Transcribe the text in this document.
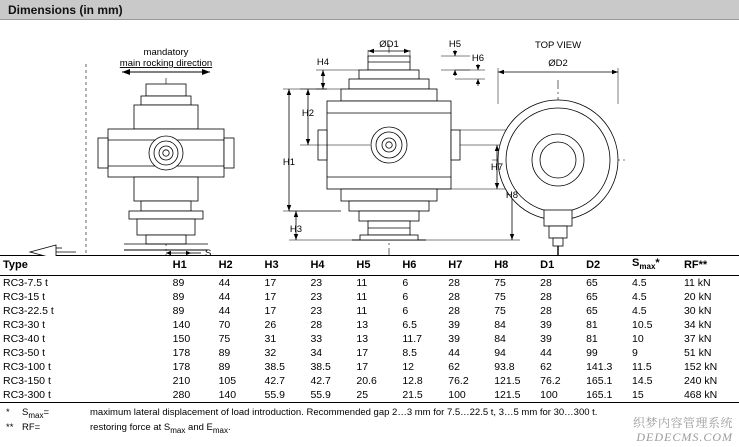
Dimensions (in mm)
mandatory
main rocking direction
S
ØD1	H5
H6
H4
H2
H1
H3
H7
H8
TOP VIEW
ØD2
Type	H1	H2	H3	H4	H5	H6	H7	H8	D1	D2	$S_{max}*$	RF**
RC3-7.5 t	89	44	17	23	11	6	28	75	28	65	4.5	11 kN
RC3-15 t	89	44	17	23	11	6	28	75	28	65	4.5	20 kN
RC3-22.5 t	89	44	17	23	11	6	28	75	28	65	4.5	30 kN
RC3-30 t	140	70	26	28	13	6.5	39	84	39	81	10.5	34 kN
RC3-40 t	150	75	31	33	13	11.7	39	84	39	81	10	37 kN
RC3-50 t	178	89	32	34	17	8.5	44	94	44	99	9	51 kN
RC3-100 t	178	89	38.5	38.5	17	12	62	93.8	62	141.3	11.5	152 kN
RC3-150 t	210	105	42.7	42.7	20.6	12.8	76.2	121.5	76.2	165.1	14.5	240 kN
RC3-300 t	280	140	55.9	55.9	25	21.5	100	121.5	100	165.1	15	468 kN
*	$S_{max}=$	maximum lateral displacement of load introduction. Recommended gap 2…3 mm for 7.5…22.5 t, 3…5 mm for 30…300 t.
** RF=	restoring force at $S_{max}$ and $E_{max}$.	织梦内容管理系统
DEDECMS.COM
